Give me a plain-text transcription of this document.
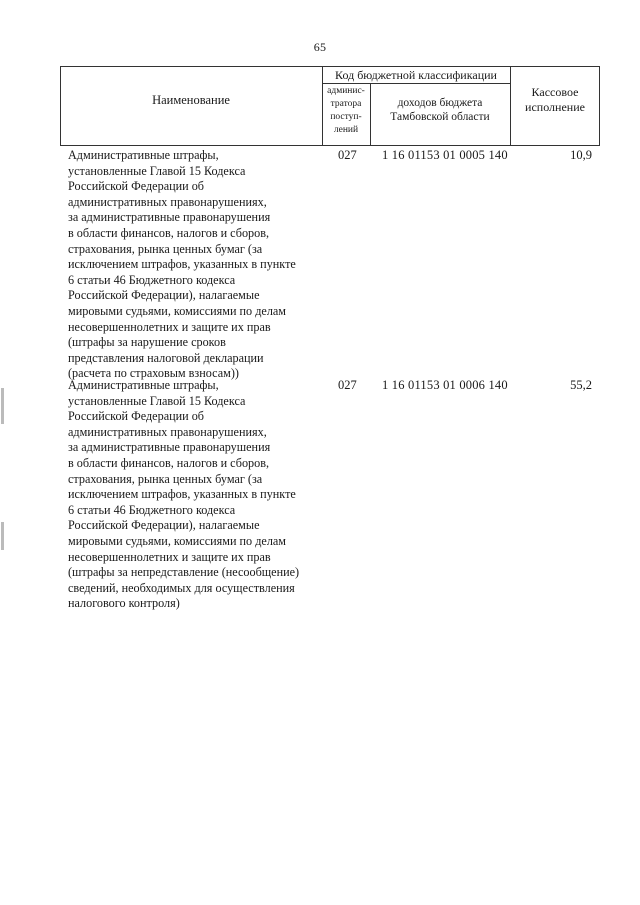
65
Наименование
Код бюджетной классификации
админис-
тратора
поступ-
лений
доходов бюджета
Тамбовской области
Кассовое
исполнение
Административные штрафы,
установленные Главой 15 Кодекса
Российской Федерации об
административных правонарушениях,
за административные правонарушения
в области финансов, налогов и сборов,
страхования, рынка ценных бумаг (за
исключением штрафов, указанных в пункте
6 статьи 46 Бюджетного кодекса
Российской Федерации), налагаемые
мировыми судьями, комиссиями по делам
несовершеннолетних и защите их прав
(штрафы за нарушение сроков
представления налоговой декларации
(расчета по страховым взносам))
027 1 16 01153 01 0005 140	10,9
Административные штрафы,
установленные Главой 15 Кодекса
Российской Федерации об
административных правонарушениях,
за административные правонарушения
в области финансов, налогов и сборов,
страхования, рынка ценных бумаг (за
исключением штрафов, указанных в пункте
6 статьи 46 Бюджетного кодекса
Российской Федерации), налагаемые
мировыми судьями, комиссиями по делам
несовершеннолетних и защите их прав
(штрафы за непредставление (несообщение)
сведений, необходимых для осуществления
налогового контроля)
027 1 16 01153 01 0006 140	55,2
